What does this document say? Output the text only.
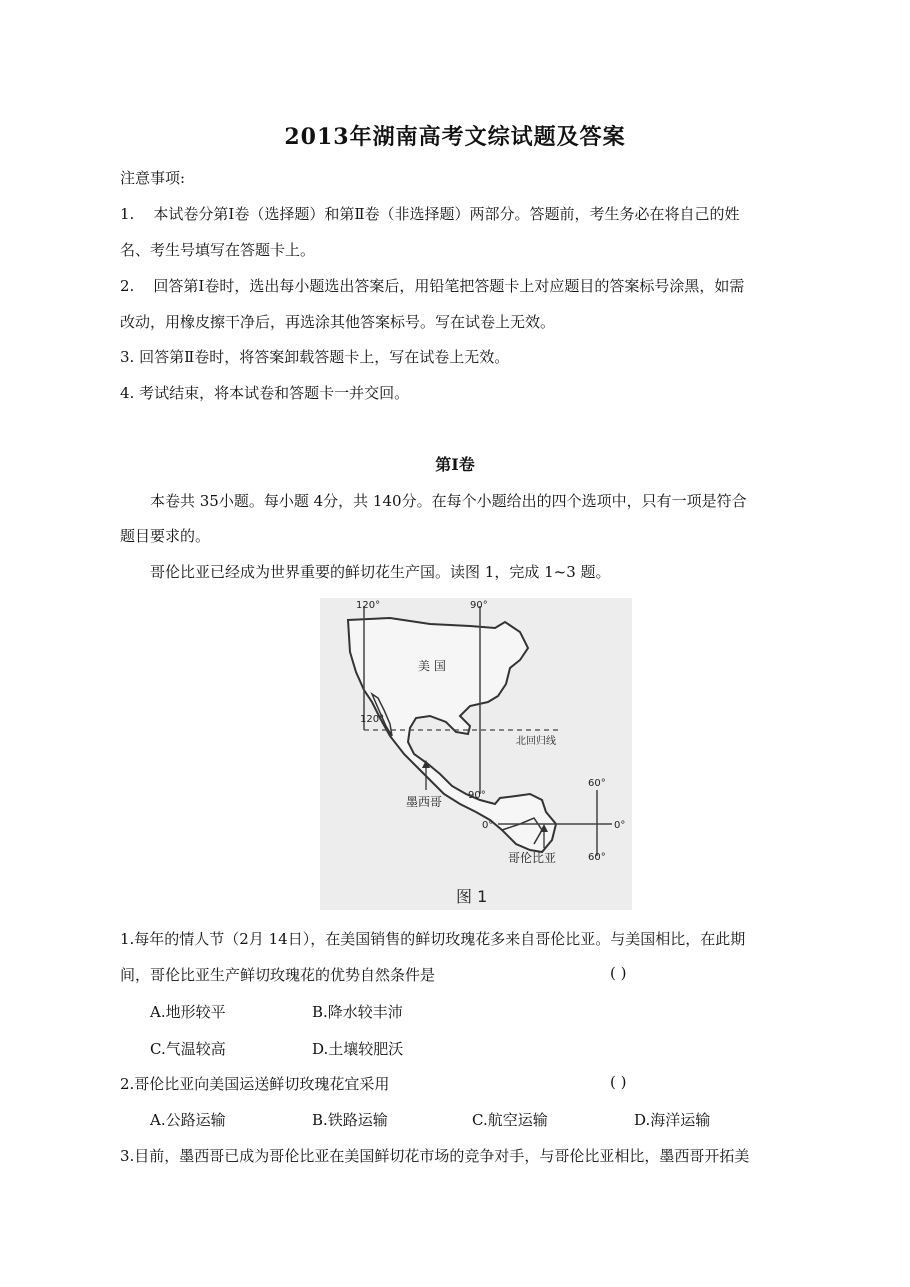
2013年湖南高考文综试题及答案
注意事项:
1. 本试卷分第Ⅰ卷（选择题）和第Ⅱ卷（非选择题）两部分。答题前，考生务必在将自己的姓
名、考生号填写在答题卡上。
2. 回答第Ⅰ卷时，选出每小题选出答案后，用铅笔把答题卡上对应题目的答案标号涂黑，如需
改动，用橡皮擦干净后，再选涂其他答案标号。写在试卷上无效。
3. 回答第Ⅱ卷时，将答案卸载答题卡上，写在试卷上无效。
4. 考试结束，将本试卷和答题卡一并交回。
第Ⅰ卷
本卷共 35小题。每小题 4分，共 140分。在每个小题给出的四个选项中，只有一项是符合
题目要求的。
哥伦比亚已经成为世界重要的鲜切花生产国。读图 1，完成 1~3 题。
120°	90°
美 国
120°
北回归线
墨西哥	90°
60°
0°	0°
哥伦比亚	60°
图 1
1.每年的情人节（2月 14日），在美国销售的鲜切玫瑰花多来自哥伦比亚。与美国相比，在此期
间，哥伦比亚生产鲜切玫瑰花的优势自然条件是	( )
A.地形较平	B.降水较丰沛
C.气温较高	D.土壤较肥沃
2.哥伦比亚向美国运送鲜切玫瑰花宜采用	( )
A.公路运输	B.铁路运输	C.航空运输	D.海洋运输
3.目前，墨西哥已成为哥伦比亚在美国鲜切花市场的竞争对手，与哥伦比亚相比，墨西哥开拓美
